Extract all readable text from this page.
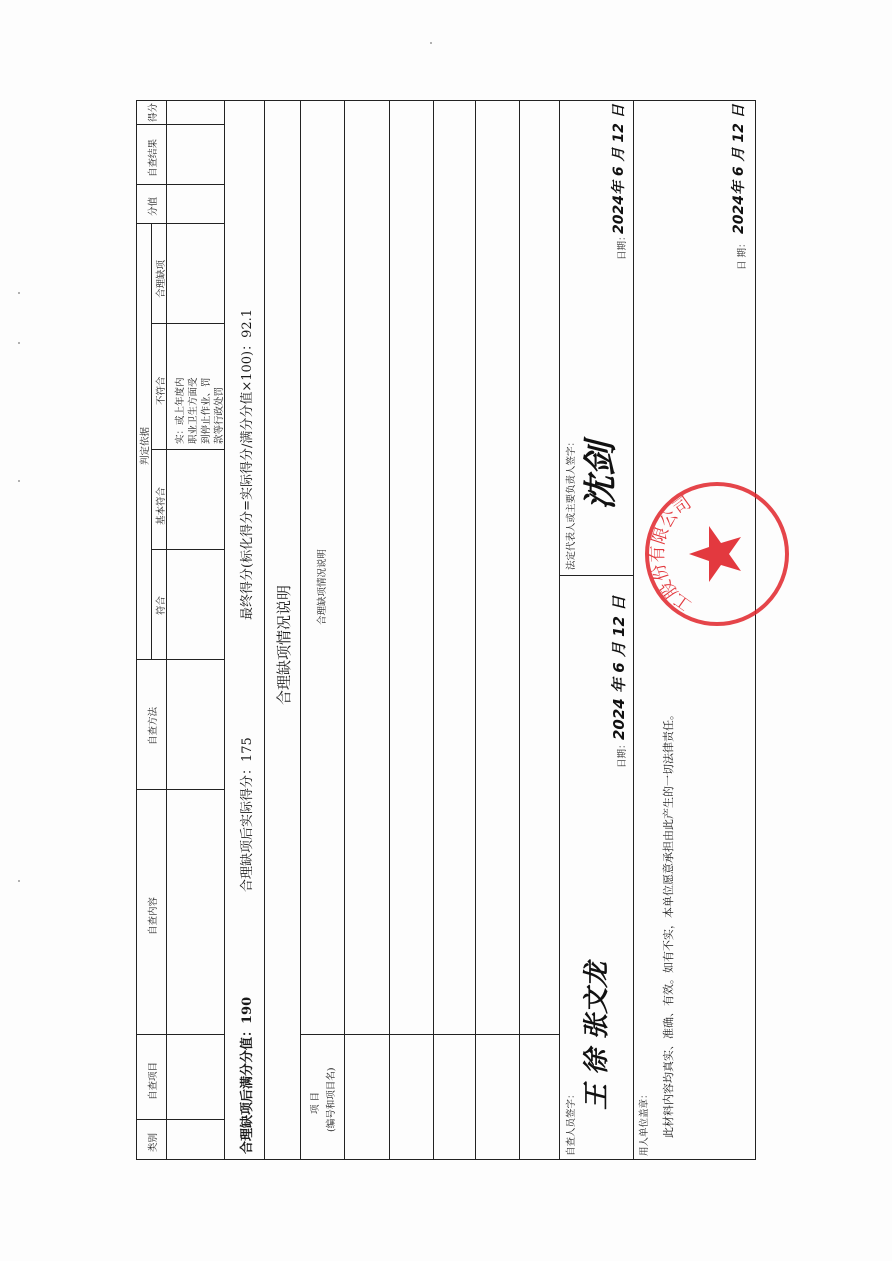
类别
自查项目
自查内容
自查方法
判定依据
符合
基本符合
不符合
合理缺项
分值
自查结果
得分
实：或上年度内 职业卫生方面受 到停止作业、罚 款等行政处罚
合理缺项后满分分值：190
合理缺项后实际得分：175
最终得分(标化得分=实际得分/满分分值×100)：92.1
合理缺项情况说明
项 目 (编号和项目名)
合理缺项情况说明
自查人员签字：
王 徐 张文龙
日期：
2024 年 6 月 12 日
法定代表人或主要负责人签字： 沈剑
日期：
2024年 6 月 12 日
用人单位盖章： 此材料内容均真实、准确、有效。如有不实，本单位愿意承担由此产生的一切法律责任。
日 期：
2024年 6 月 12 日
工股份有限公司
